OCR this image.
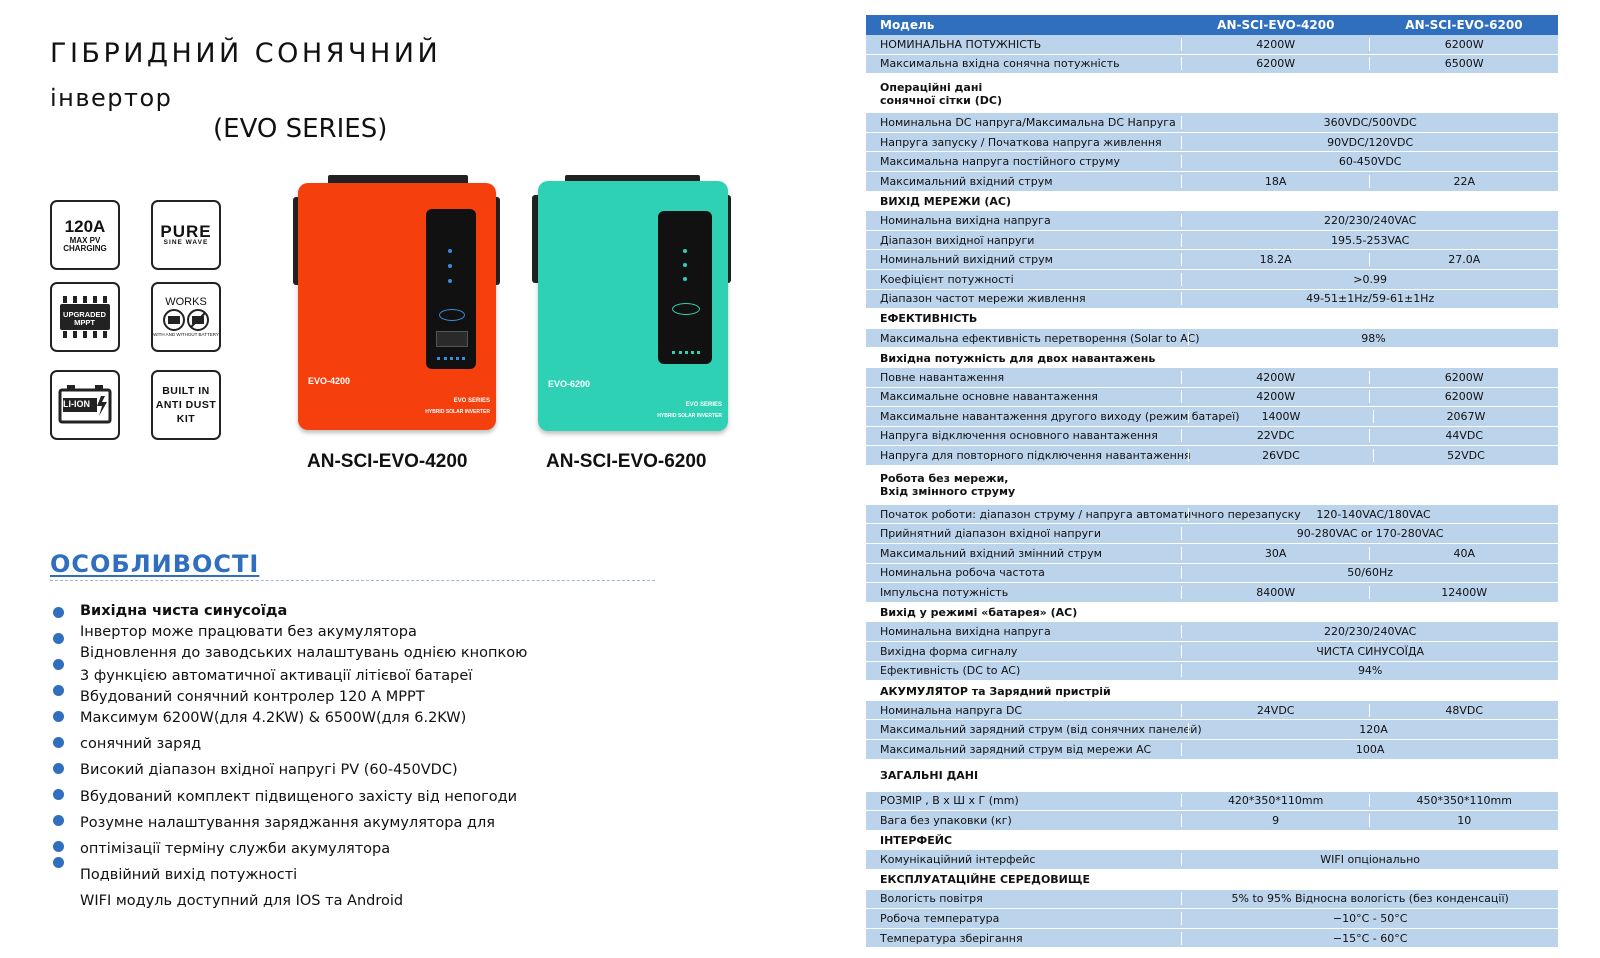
ГІБРИДНИЙ СОНЯЧНИЙ
інвертор
(EVO SERIES)
120A
MAX PV
CHARGING
PURE
SINE WAVE
UPGRADED MPPT
WORKS
WITH AND WITHOUT BATTERY
LI-ION
BUILT IN
ANTI DUST
KIT
EVO-4200
EVO SERIES
HYBRID SOLAR INVERTER
AN-SCI-EVO-4200
EVO-6200
EVO SERIES
HYBRID SOLAR INVERTER
AN-SCI-EVO-6200
ОСОБЛИВОСТІ
Вихідна чиста синусоїда
Інвертор може працювати без акумулятора
Відновлення до заводських налаштувань однією кнопкою
3 функцією автоматичної активації літієвої батареї
Вбудований сонячний контролер 120 A MPPT
Максимум 6200W(для 4.2KW) & 6500W(для 6.2KW)
сонячний заряд
Високий діапазон вхідної напругі PV (60-450VDC)
Вбудований комплект підвищеного захісту від непогоди
Розумне налаштування заряджання акумулятора для
оптімізації терміну служби акумулятора
Подвійний вихід потужності
WIFI модуль доступний для IOS та Android
Модель	AN-SCI-EVO-4200	AN-SCI-EVO-6200
НОМИНАЛЬНА ПОТУЖНІСТЬ	4200W	6200W
Максимальна вхідна сонячна потужність	6200W	6500W
Операційні дані
сонячної сітки (DC)
Номинальна DC напруга/Максимальна DC Напруга	360VDC/500VDC
Напруга запуску / Початкова напруга живлення	90VDC/120VDC
Максимальна напруга постійного струму	60-450VDC
Максимальний вхідний струм	18A	22A
ВИХІД МЕРЕЖИ (AC)
Номинальна вихідна напруга	220/230/240VAC
Діапазон вихідної напруги	195.5-253VAC
Номинальний вихідний струм	18.2A	27.0A
Коефіцієнт потужності	>0.99
Діапазон частот мережи живлення	49-51±1Hz/59-61±1Hz
ЕФЕКТИВНІСТЬ
Максимальна ефективність перетворення (Solar to AC)	98%
Вихідна потужність для двох навантажень
Повне навантаження	4200W	6200W
Максимальне основне навантаження	4200W	6200W
Максимальне навантаження другого виходу (режим батареї)	1400W	2067W
Напруга відключення основного навантаження	22VDC	44VDC
Напруга для повторного підключення навантаження	26VDC	52VDC
Робота без мережи,
Вхід змінного струму
Початок роботи: діапазон струму / напруга автоматичного перезапуску	120-140VAC/180VAC
Прийнятний діапазон вхідної напруги	90-280VAC or 170-280VAC
Максимальний вхідний змінний струм	30A	40A
Номинальна робоча частота	50/60Hz
Імпульсна потужність	8400W	12400W
Вихід у режимі «батарея» (AC)
Номинальна вихідна напруга	220/230/240VAC
Вихідна форма сигналу	ЧИСТА СИНУСОЇДА
Ефективність (DC to AC)	94%
АКУМУЛЯТОР та Зарядний пристрій
Номинальна напруга DC	24VDC	48VDC
Максимальний зарядний струм (від сонячних панелей)	120A
Максимальний зарядний струм від мережи AC	100A
ЗАГАЛЬНІ ДАНІ
РОЗМІР , В x Ш x Г (mm)	420*350*110mm	450*350*110mm
Вага без упаковки (кг)	9	10
ІНТЕРФЕЙС
Комунікаційний інтерфейс	WIFI опціонально
ЕКСПЛУАТАЦІЙНЕ СЕРЕДОВИЩЕ
Вологість повітря	5% to 95% Відносна вологість (без конденсації)
Робоча температура	−10°C - 50°C
Температура зберігання	−15°C - 60°C
